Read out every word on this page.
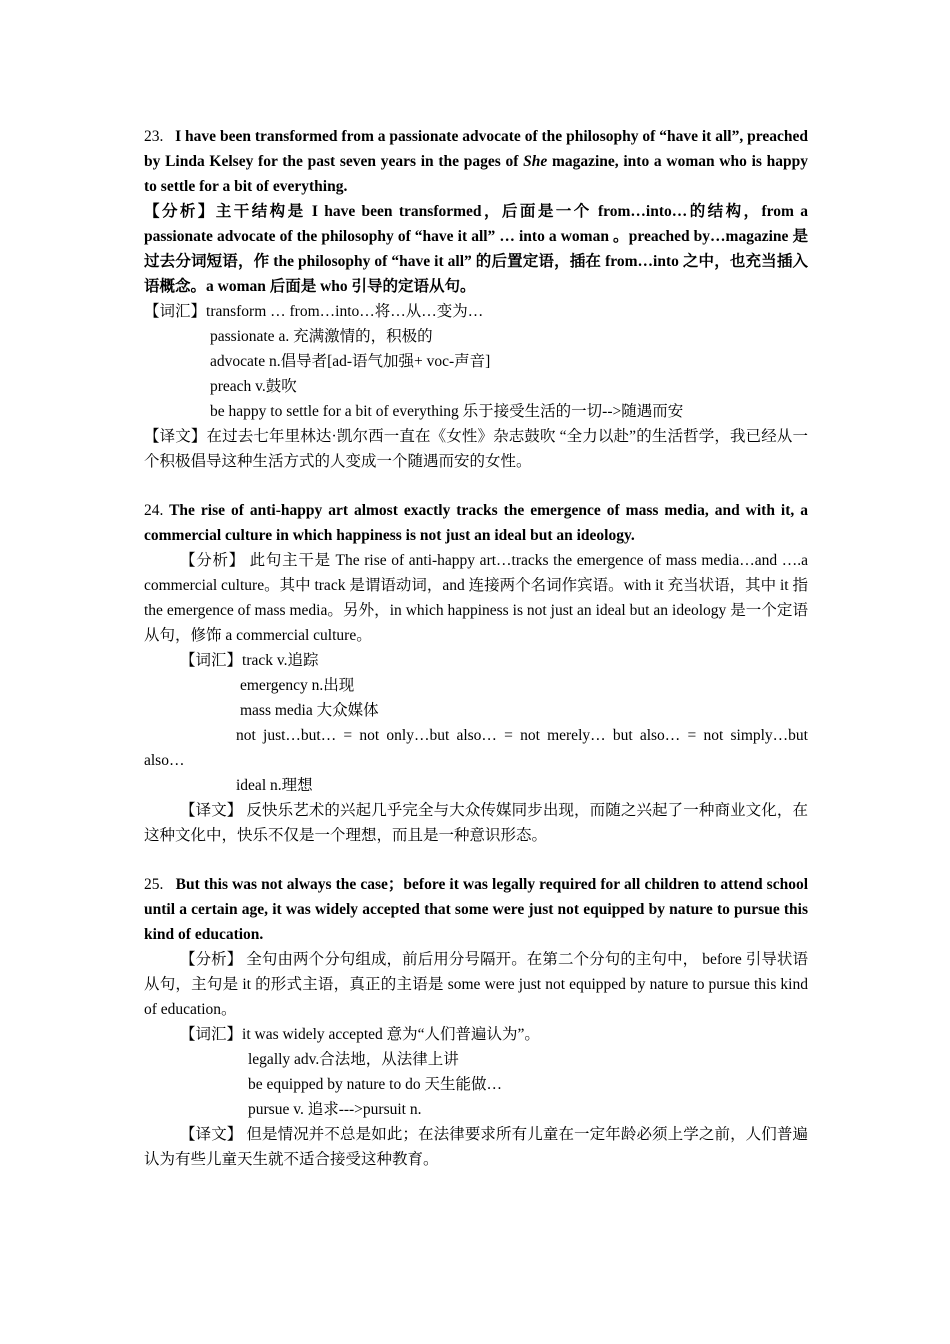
23. I have been transformed from a passionate advocate of the philosophy of “have it all”, preached by Linda Kelsey for the past seven years in the pages of She magazine, into a woman who is happy to settle for a bit of everything.

【分析】主干结构是 I have been transformed，后面是一个 from…into…的结构，from a passionate advocate of the philosophy of “have it all” … into a woman 。preached by…magazine 是过去分词短语，作 the philosophy of “have it all” 的后置定语，插在 from…into 之中，也充当插入语概念。a woman 后面是 who 引导的定语从句。

【词汇】transform … from…into…将…从…变为…

passionate a. 充满激情的，积极的

advocate n.倡导者[ad-语气加强+ voc-声音]

preach v.鼓吹

be happy to settle for a bit of everything 乐于接受生活的一切-->随遇而安

【译文】在过去七年里林达·凯尔西一直在《女性》杂志鼓吹 “全力以赴”的生活哲学，我已经从一个积极倡导这种生活方式的人变成一个随遇而安的女性。

24. The rise of anti-happy art almost exactly tracks the emergence of mass media, and with it, a commercial culture in which happiness is not just an ideal but an ideology.

【分析】 此句主干是 The rise of anti-happy art…tracks the emergence of mass media…and ….a commercial culture。其中 track 是谓语动词，and 连接两个名词作宾语。with it 充当状语，其中 it 指 the emergence of mass media。另外，in which happiness is not just an ideal but an ideology 是一个定语从句，修饰 a commercial culture。

【词汇】track v.追踪

emergency n.出现

mass media 大众媒体

not just…but… = not only…but also… = not merely… but also… = not simply…but also…

ideal n.理想

【译文】 反快乐艺术的兴起几乎完全与大众传媒同步出现，而随之兴起了一种商业文化，在这种文化中，快乐不仅是一个理想，而且是一种意识形态。

25. But this was not always the case；before it was legally required for all children to attend school until a certain age, it was widely accepted that some were just not equipped by nature to pursue this kind of education.

【分析】 全句由两个分句组成，前后用分号隔开。在第二个分句的主句中， before 引导状语从句，主句是 it 的形式主语，真正的主语是 some were just not equipped by nature to pursue this kind of education。

【词汇】it was widely accepted 意为“人们普遍认为”。

legally adv.合法地，从法律上讲

be equipped by nature to do 天生能做…

pursue v. 追求--->pursuit n.

【译文】 但是情况并不总是如此；在法律要求所有儿童在一定年龄必须上学之前，人们普遍认为有些儿童天生就不适合接受这种教育。
